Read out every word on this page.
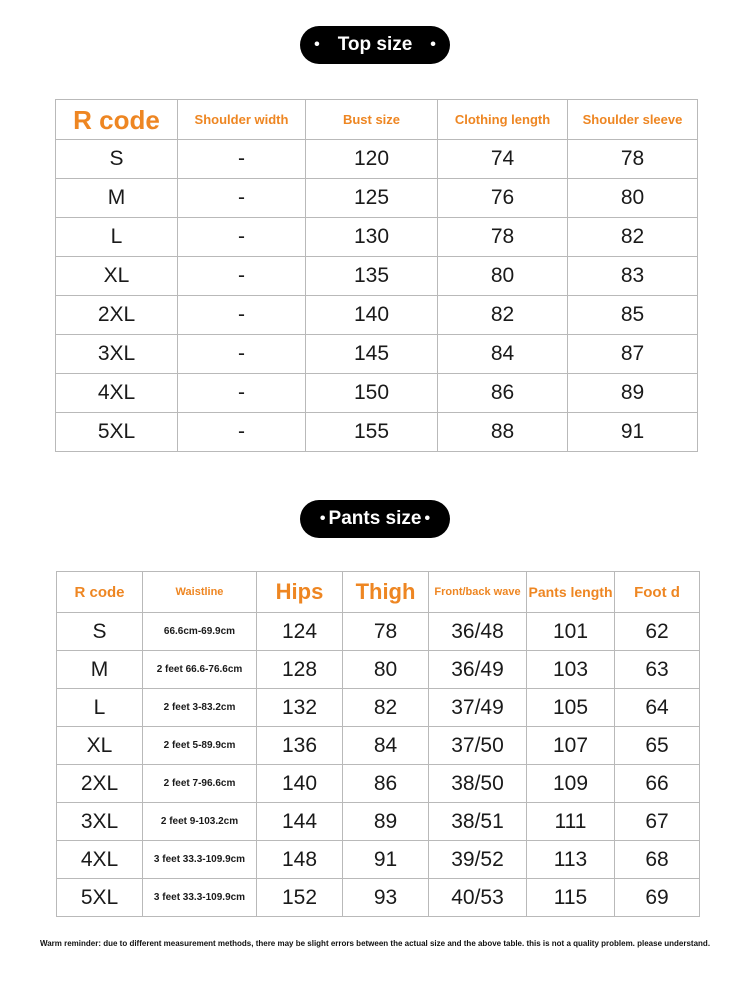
• Top size •
R code	Shoulder width	Bust size	Clothing length	Shoulder sleeve
S	-	120	74	78
M	-	125	76	80
L	-	130	78	82
XL	-	135	80	83
2XL	-	140	82	85
3XL	-	145	84	87
4XL	-	150	86	89
5XL	-	155	88	91
• Pants size •
R code	Waistline	Hips	Thigh	Front/back wave	Pants length	Foot d
S	66.6cm-69.9cm	124	78	36/48	101	62
M	2 feet 66.6-76.6cm	128	80	36/49	103	63
L	2 feet 3-83.2cm	132	82	37/49	105	64
XL	2 feet 5-89.9cm	136	84	37/50	107	65
2XL	2 feet 7-96.6cm	140	86	38/50	109	66
3XL	2 feet 9-103.2cm	144	89	38/51	111	67
4XL	3 feet 33.3-109.9cm	148	91	39/52	113	68
5XL	3 feet 33.3-109.9cm	152	93	40/53	115	69
Warm reminder: due to different measurement methods, there may be slight errors between the actual size and the above table. this is not a quality problem. please understand.
